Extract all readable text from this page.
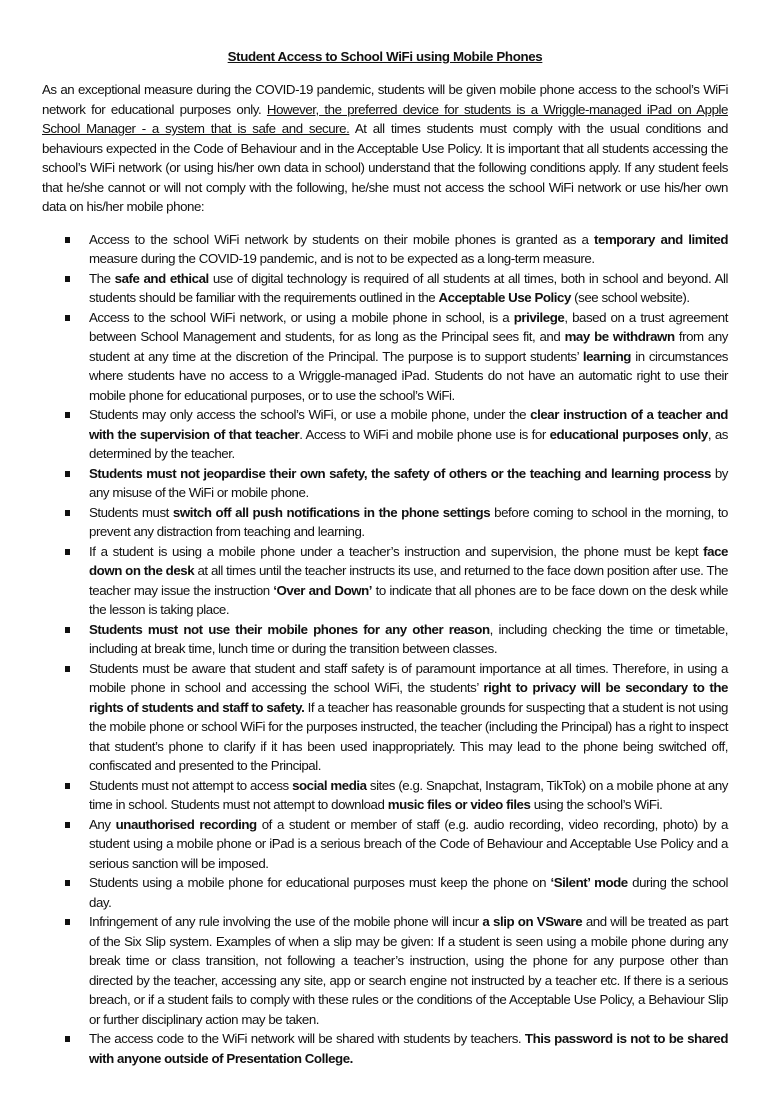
Student Access to School WiFi using Mobile Phones

As an exceptional measure during the COVID-19 pandemic, students will be given mobile phone access to the school’s WiFi network for educational purposes only. However, the preferred device for students is a Wriggle-managed iPad on Apple School Manager - a system that is safe and secure. At all times students must comply with the usual conditions and behaviours expected in the Code of Behaviour and in the Acceptable Use Policy. It is important that all students accessing the school’s WiFi network (or using his/her own data in school) understand that the following conditions apply. If any student feels that he/she cannot or will not comply with the following, he/she must not access the school WiFi network or use his/her own data on his/her mobile phone:

Access to the school WiFi network by students on their mobile phones is granted as a temporary and limited measure during the COVID-19 pandemic, and is not to be expected as a long-term measure.
The safe and ethical use of digital technology is required of all students at all times, both in school and beyond. All students should be familiar with the requirements outlined in the Acceptable Use Policy (see school website).
Access to the school WiFi network, or using a mobile phone in school, is a privilege, based on a trust agreement between School Management and students, for as long as the Principal sees fit, and may be withdrawn from any student at any time at the discretion of the Principal. The purpose is to support students’ learning in circumstances where students have no access to a Wriggle-managed iPad. Students do not have an automatic right to use their mobile phone for educational purposes, or to use the school’s WiFi.
Students may only access the school’s WiFi, or use a mobile phone, under the clear instruction of a teacher and with the supervision of that teacher. Access to WiFi and mobile phone use is for educational purposes only, as determined by the teacher.
Students must not jeopardise their own safety, the safety of others or the teaching and learning process by any misuse of the WiFi or mobile phone.
Students must switch off all push notifications in the phone settings before coming to school in the morning, to prevent any distraction from teaching and learning.
If a student is using a mobile phone under a teacher’s instruction and supervision, the phone must be kept face down on the desk at all times until the teacher instructs its use, and returned to the face down position after use. The teacher may issue the instruction ‘Over and Down’ to indicate that all phones are to be face down on the desk while the lesson is taking place.
Students must not use their mobile phones for any other reason, including checking the time or timetable, including at break time, lunch time or during the transition between classes.
Students must be aware that student and staff safety is of paramount importance at all times. Therefore, in using a mobile phone in school and accessing the school WiFi, the students’ right to privacy will be secondary to the rights of students and staff to safety. If a teacher has reasonable grounds for suspecting that a student is not using the mobile phone or school WiFi for the purposes instructed, the teacher (including the Principal) has a right to inspect that student’s phone to clarify if it has been used inappropriately. This may lead to the phone being switched off, confiscated and presented to the Principal.
Students must not attempt to access social media sites (e.g. Snapchat, Instagram, TikTok) on a mobile phone at any time in school. Students must not attempt to download music files or video files using the school’s WiFi.
Any unauthorised recording of a student or member of staff (e.g. audio recording, video recording, photo) by a student using a mobile phone or iPad is a serious breach of the Code of Behaviour and Acceptable Use Policy and a serious sanction will be imposed.
Students using a mobile phone for educational purposes must keep the phone on ‘Silent’ mode during the school day.
Infringement of any rule involving the use of the mobile phone will incur a slip on VSware and will be treated as part of the Six Slip system. Examples of when a slip may be given: If a student is seen using a mobile phone during any break time or class transition, not following a teacher’s instruction, using the phone for any purpose other than directed by the teacher, accessing any site, app or search engine not instructed by a teacher etc. If there is a serious breach, or if a student fails to comply with these rules or the conditions of the Acceptable Use Policy, a Behaviour Slip or further disciplinary action may be taken.
The access code to the WiFi network will be shared with students by teachers. This password is not to be shared with anyone outside of Presentation College.
